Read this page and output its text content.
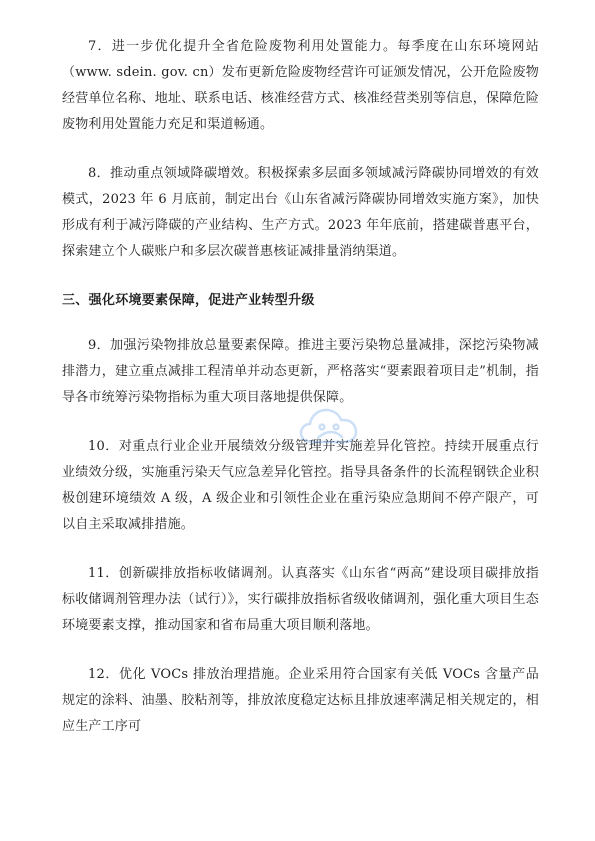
7．进一步优化提升全省危险废物利用处置能力。每季度在山东环境网站（www. sdein. gov. cn）发布更新危险废物经营许可证颁发情况，公开危险废物经营单位名称、地址、联系电话、核准经营方式、核准经营类别等信息，保障危险废物利用处置能力充足和渠道畅通。

8．推动重点领域降碳增效。积极探索多层面多领域减污降碳协同增效的有效模式，2023 年 6 月底前，制定出台《山东省减污降碳协同增效实施方案》，加快形成有利于减污降碳的产业结构、生产方式。2023 年年底前，搭建碳普惠平台，探索建立个人碳账户和多层次碳普惠核证减排量消纳渠道。

三、强化环境要素保障，促进产业转型升级

9．加强污染物排放总量要素保障。推进主要污染物总量减排，深挖污染物减排潜力，建立重点减排工程清单并动态更新，严格落实“要素跟着项目走”机制，指导各市统筹污染物指标为重大项目落地提供保障。

10．对重点行业企业开展绩效分级管理并实施差异化管控。持续开展重点行业绩效分级，实施重污染天气应急差异化管控。指导具备条件的长流程钢铁企业积极创建环境绩效 A 级，A 级企业和引领性企业在重污染应急期间不停产限产，可以自主采取减排措施。

11．创新碳排放指标收储调剂。认真落实《山东省“两高”建设项目碳排放指标收储调剂管理办法（试行）》，实行碳排放指标省级收储调剂，强化重大项目生态环境要素支撑，推动国家和省布局重大项目顺利落地。

12．优化 VOCs 排放治理措施。企业采用符合国家有关低 VOCs 含量产品规定的涂料、油墨、胶粘剂等，排放浓度稳定达标且排放速率满足相关规定的，相应生产工序可
